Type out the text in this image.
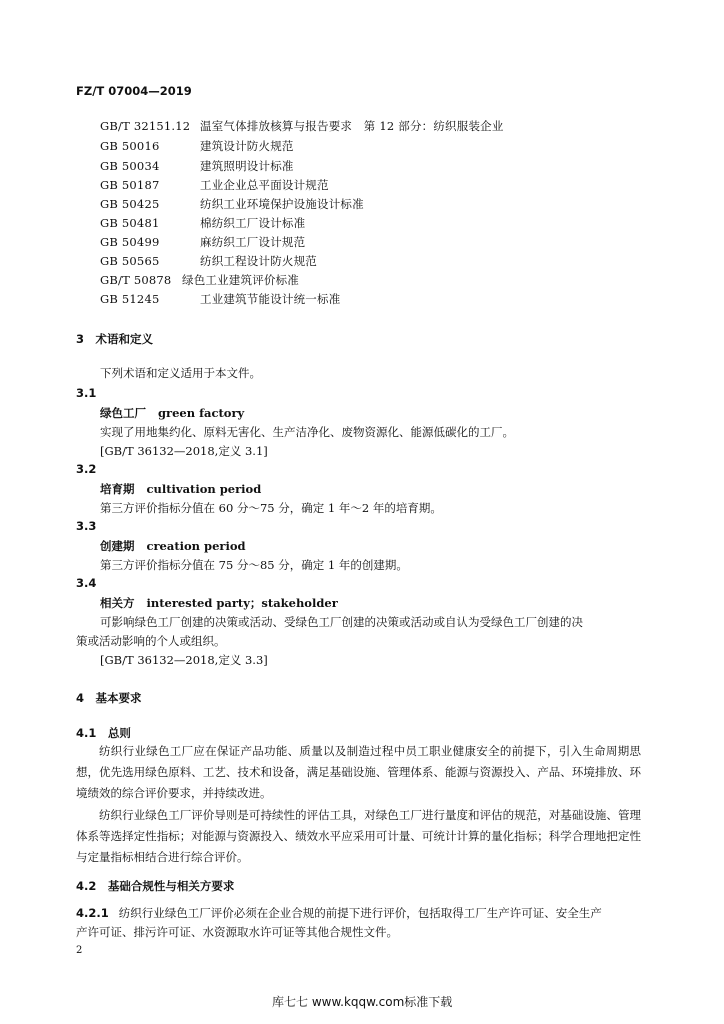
FZ/T 07004—2019
GB/T 32151.12 温室气体排放核算与报告要求　第 12 部分：纺织服装企业
GB 50016	建筑设计防火规范
GB 50034	建筑照明设计标准
GB 50187	工业企业总平面设计规范
GB 50425	纺织工业环境保护设施设计标准
GB 50481	棉纺织工厂设计标准
GB 50499	麻纺织工厂设计规范
GB 50565	纺织工程设计防火规范
GB/T 50878 绿色工业建筑评价标准
GB 51245	工业建筑节能设计统一标准
3　术语和定义
下列术语和定义适用于本文件。
3.1
绿色工厂 green factory
实现了用地集约化、原料无害化、生产洁净化、废物资源化、能源低碳化的工厂。
[GB/T 36132—2018,定义 3.1]
3.2
培育期 cultivation period
第三方评价指标分值在 60 分～75 分，确定 1 年～2 年的培育期。
3.3
创建期 creation period
第三方评价指标分值在 75 分～85 分，确定 1 年的创建期。
3.4
相关方 interested party；stakeholder
可影响绿色工厂创建的决策或活动、受绿色工厂创建的决策或活动或自认为受绿色工厂创建的决
策或活动影响的个人或组织。
[GB/T 36132—2018,定义 3.3]
4　基本要求
4.1　总则
纺织行业绿色工厂应在保证产品功能、质量以及制造过程中员工职业健康安全的前提下，引入生命周期思想，优先选用绿色原料、工艺、技术和设备，满足基础设施、管理体系、能源与资源投入、产品、环境排放、环境绩效的综合评价要求，并持续改进。
纺织行业绿色工厂评价导则是可持续性的评估工具，对绿色工厂进行量度和评估的规范，对基础设施、管理体系等选择定性指标；对能源与资源投入、绩效水平应采用可计量、可统计计算的量化指标；科学合理地把定性与定量指标相结合进行综合评价。
4.2　基础合规性与相关方要求
4.2.1 纺织行业绿色工厂评价必须在企业合规的前提下进行评价，包括取得工厂生产许可证、安全生产
产许可证、排污许可证、水资源取水许可证等其他合规性文件。
2
库七七 www.kqqw.com标准下载
